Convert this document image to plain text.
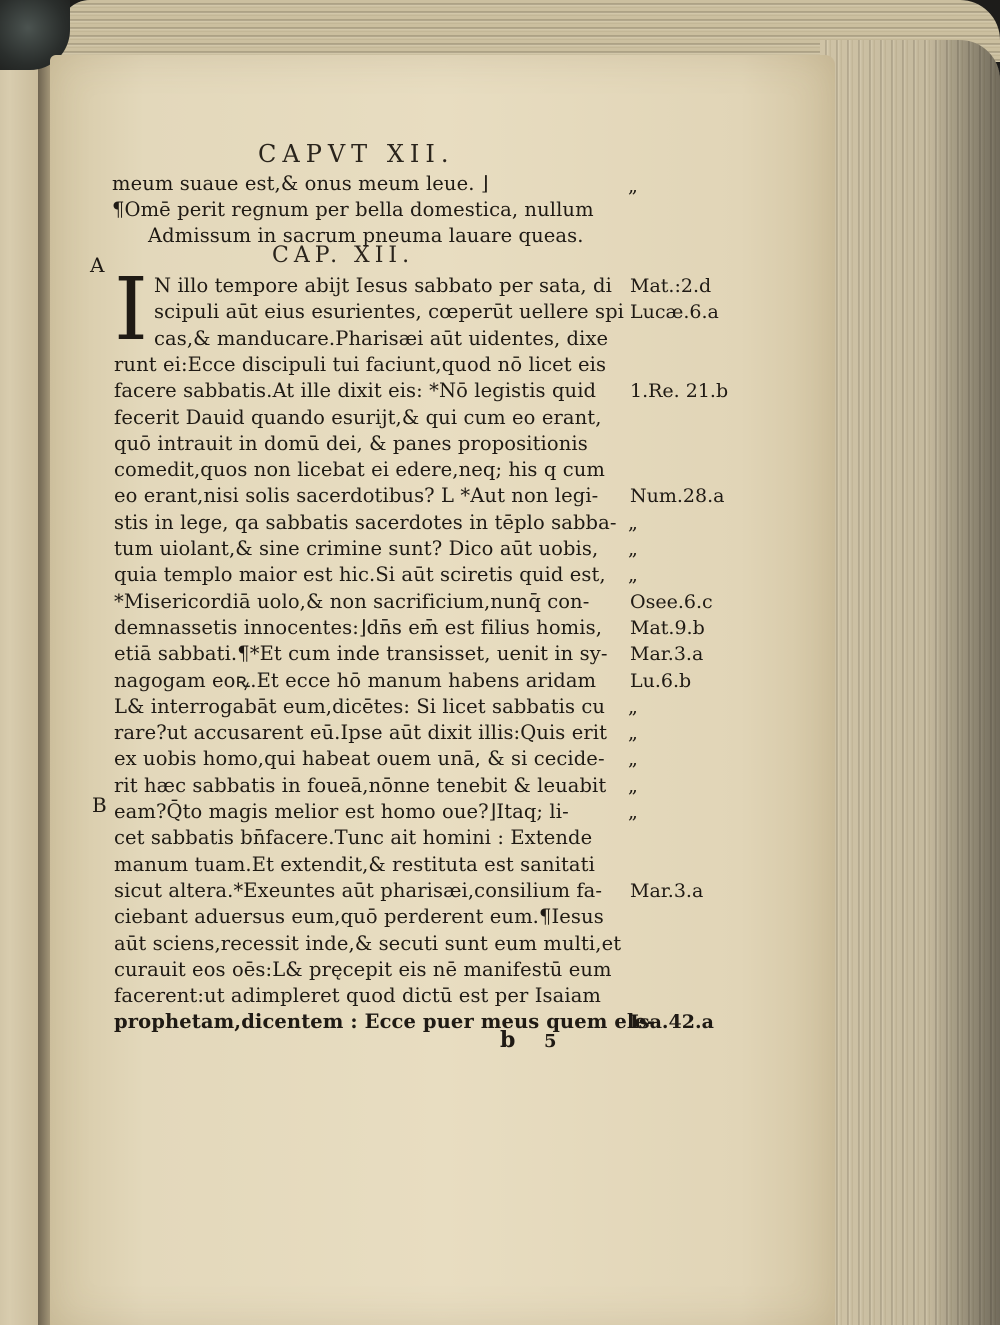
CAPVT XII.
meum suaue est,& onus meum leue. ⌋
¶Omē perit regnum per bella domestica, nullum
Admissum in sacrum pneuma lauare queas.
„
CAP. XII.
A
B
I N illo tempore abijt Iesus sabbato per sata, di
scipuli aūt eius esurientes, cœperūt uellere spi
cas,& manducare.Pharisæi aūt uidentes, dixe
runt ei:Ecce discipuli tui faciunt,quod nō licet eis
facere sabbatis.At ille dixit eis: *Nō legistis quid
fecerit Dauid quando esurijt,& qui cum eo erant,
quō intrauit in domū dei, & panes propositionis
comedit,quos non licebat ei edere,neq; his q cum
eo erant,nisi solis sacerdotibus? L *Aut non legi-
stis in lege, qa sabbatis sacerdotes in tēplo sabba-
tum uiolant,& sine crimine sunt? Dico aūt uobis,
quia templo maior est hic.Si aūt sciretis quid est,
*Misericordiā uolo,& non sacrificium,nunq̄ con-
demnassetis innocentes:⌋dn̄s em̄ est filius homis,
etiā sabbati.¶*Et cum inde transisset, uenit in sy-
nagogam eoꝶ.Et ecce hō manum habens aridam
L& interrogabāt eum,dicētes: Si licet sabbatis cu
rare?ut accusarent eū.Ipse aūt dixit illis:Quis erit
ex uobis homo,qui habeat ouem unā, & si cecide-
rit hæc sabbatis in foueā,nōnne tenebit & leuabit
eam?Q̄to magis melior est homo oue?⌋Itaq; li-
cet sabbatis bn̄facere.Tunc ait homini : Extende
manum tuam.Et extendit,& restituta est sanitati
sicut altera.*Exeuntes aūt pharisæi,consilium fa-
ciebant aduersus eum,quō perderent eum.¶Iesus
aūt sciens,recessit inde,& secuti sunt eum multi,et
curauit eos oēs:L& pręcepit eis nē manifestū eum
facerent:ut adimpleret quod dictū est per Isaiam
prophetam,dicentem : Ecce puer meus quem ele-
Mat.:2.d
Lucæ.6.a
1.Re. 21.b
Num.28.a
„
„
„
Osee.6.c
Mat.9.b
Mar.3.a
Lu.6.b
„
„
„
„
„
Mar.3.a
Isa.42.a
b 5
